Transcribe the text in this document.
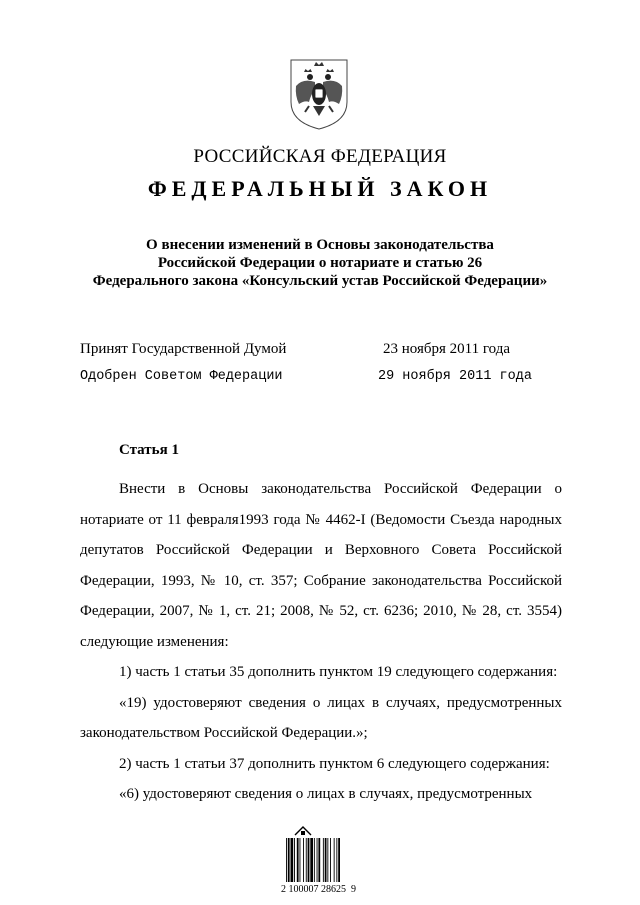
РОССИЙСКАЯ ФЕДЕРАЦИЯ
ФЕДЕРАЛЬНЫЙ ЗАКОН
О внесении изменений в Основы законодательства
Российской Федерации о нотариате и статью 26
Федерального закона «Консульский устав Российской Федерации»
Принят Государственной Думой	23 ноября 2011 года
Одобрен Советом Федерации	29 ноября 2011 года
Статья 1

Внести в Основы законодательства Российской Федерации о нотариате от 11 февраля1993 года № 4462-I (Ведомости Съезда народных депутатов Российской Федерации и Верховного Совета Российской Федерации, 1993, № 10, ст. 357; Собрание законодательства Российской Федерации, 2007, № 1, ст. 21; 2008, № 52, ст. 6236; 2010, № 28, ст. 3554) следующие изменения:

1) часть 1 статьи 35 дополнить пунктом 19 следующего содержания:

«19) удостоверяют сведения о лицах в случаях, предусмотренных законодательством Российской Федерации.»;

2) часть 1 статьи 37 дополнить пунктом 6 следующего содержания:

«6) удостоверяют сведения о лицах в случаях, предусмотренных

2 100007 28625  9
